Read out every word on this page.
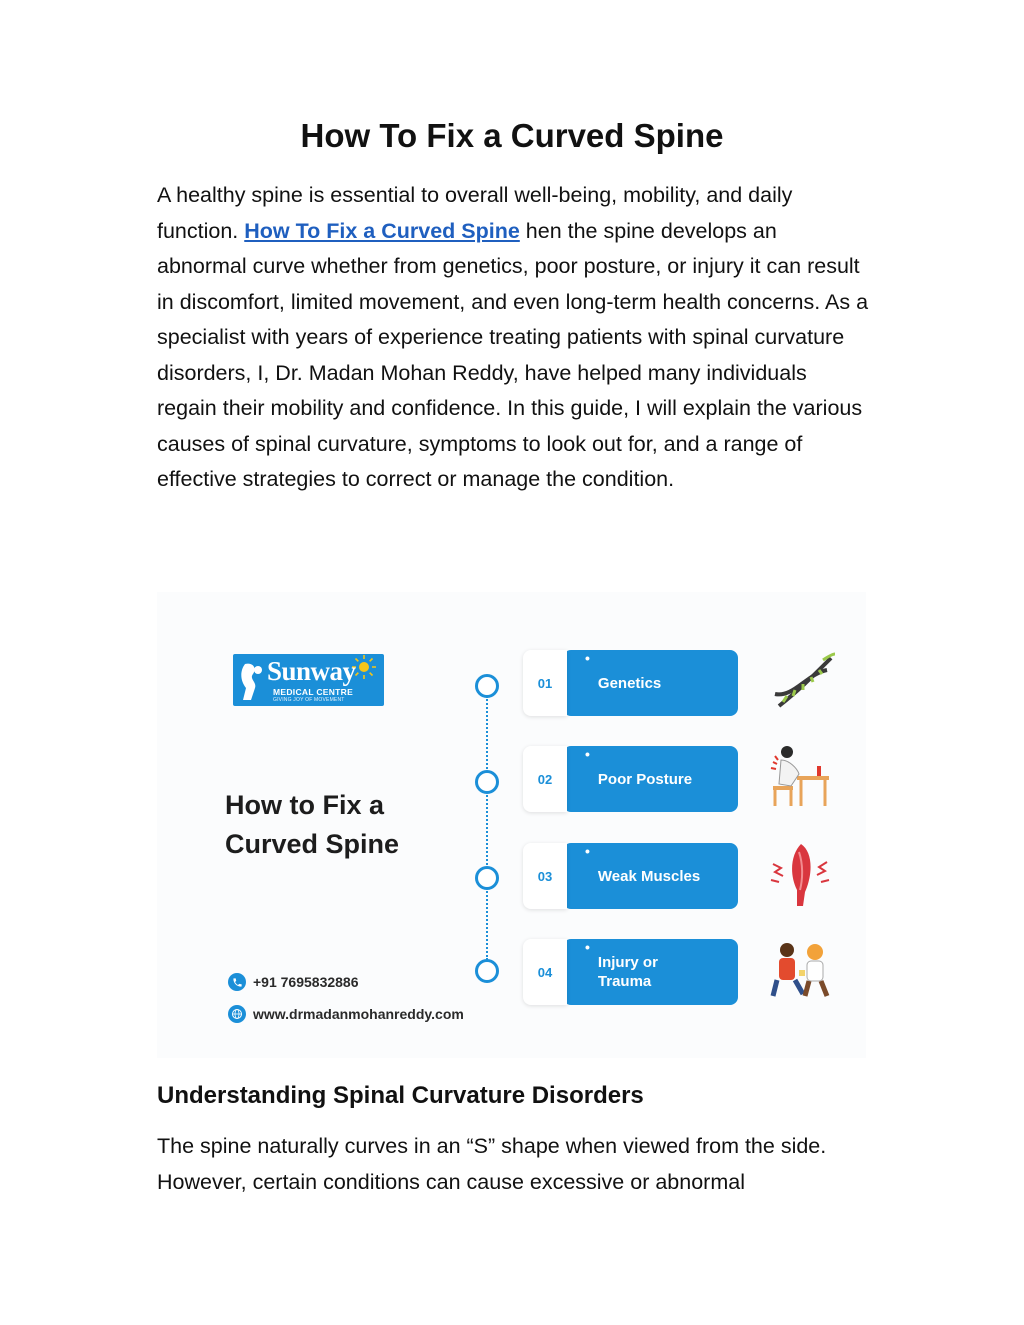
How To Fix a Curved Spine

A healthy spine is essential to overall well-being, mobility, and daily function. How To Fix a Curved Spine hen the spine develops an abnormal curve whether from genetics, poor posture, or injury it can result in discomfort, limited movement, and even long-term health concerns. As a specialist with years of experience treating patients with spinal curvature disorders, I, Dr. Madan Mohan Reddy, have helped many individuals regain their mobility and confidence. In this guide, I will explain the various causes of spinal curvature, symptoms to look out for, and a range of effective strategies to correct or manage the condition.

Sunway
MEDICAL CENTRE
GIVING JOY OF MOVEMENT
How to Fix a Curved Spine
+91 7695832886
www.drmadanmohanreddy.com
•
Genetics
01
•
Poor Posture
02
•
Weak Muscles
03
•
Injury or Trauma
04
Understanding Spinal Curvature Disorders

The spine naturally curves in an “S” shape when viewed from the side. However, certain conditions can cause excessive or abnormal
